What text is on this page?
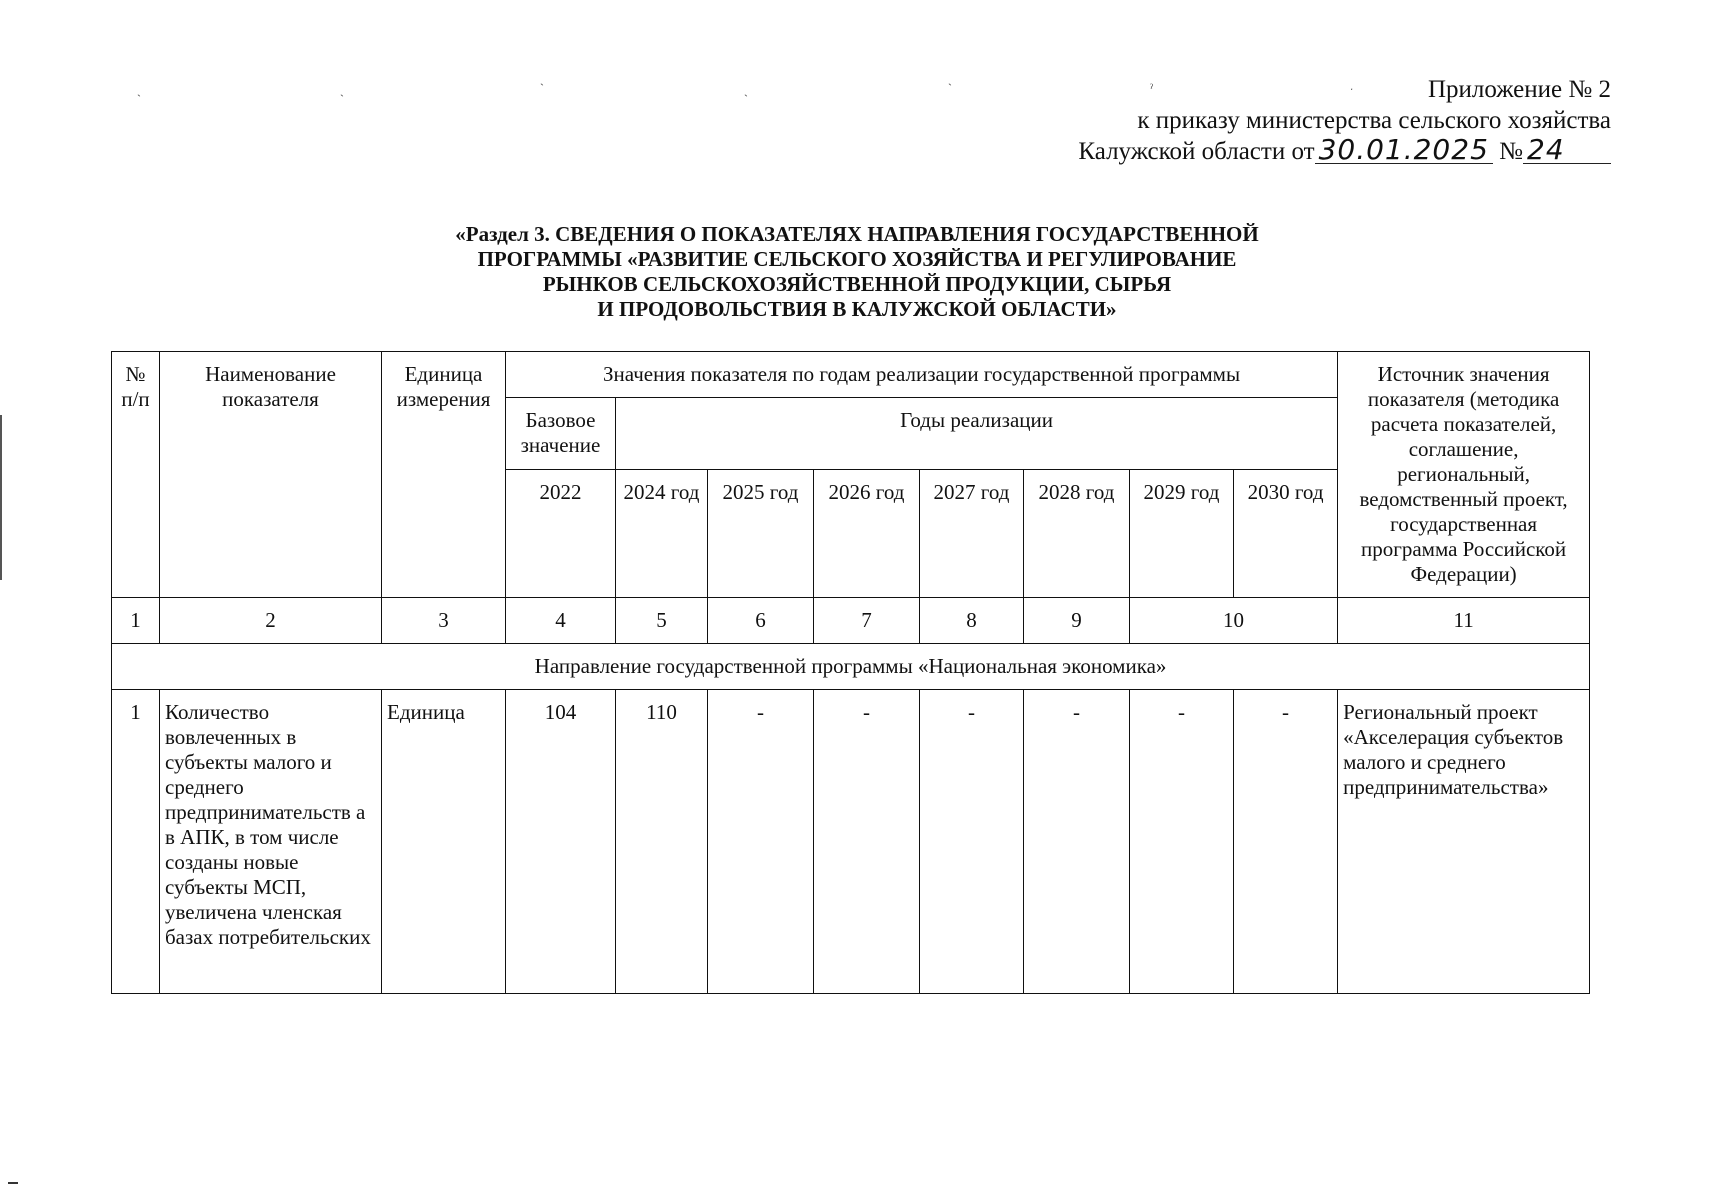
ˎ	ˎ	ˋ	ˎ	ˋ	ˀ	ˑ	Приложение № 2
к приказу министерства сельского хозяйства
Калужской области от 30.01.2025 № 24
«Раздел 3. СВЕДЕНИЯ О ПОКАЗАТЕЛЯХ НАПРАВЛЕНИЯ ГОСУДАРСТВЕННОЙ
ПРОГРАММЫ «РАЗВИТИЕ СЕЛЬСКОГО ХОЗЯЙСТВА И РЕГУЛИРОВАНИЕ
РЫНКОВ СЕЛЬСКОХОЗЯЙСТВЕННОЙ ПРОДУКЦИИ, СЫРЬЯ
И ПРОДОВОЛЬСТВИЯ В КАЛУЖСКОЙ ОБЛАСТИ»
№ п/п	Наименование показателя	Единица измерения	Значения показателя по годам реализации государственной программы								Источник значения показателя (методика расчета показателей, соглашение, региональный, ведомственный проект, государственная программа Российской Федерации)
			Базовое значение	Годы реализации							
			2022	2024 год	2025 год	2026 год	2027 год	2028 год	2029 год	2030 год	
1	2	3	4	5	6	7	8	9	10		11
Направление государственной программы «Национальная экономика»											
1	Количество вовлеченных в субъекты малого и среднего предпринимательств а в АПК, в том числе созданы новые субъекты МСП, увеличена членская базах потребительских	Единица	104	110	-	-	-	-	-	-	Региональный проект «Акселерация субъектов малого и среднего предпринимательства»
